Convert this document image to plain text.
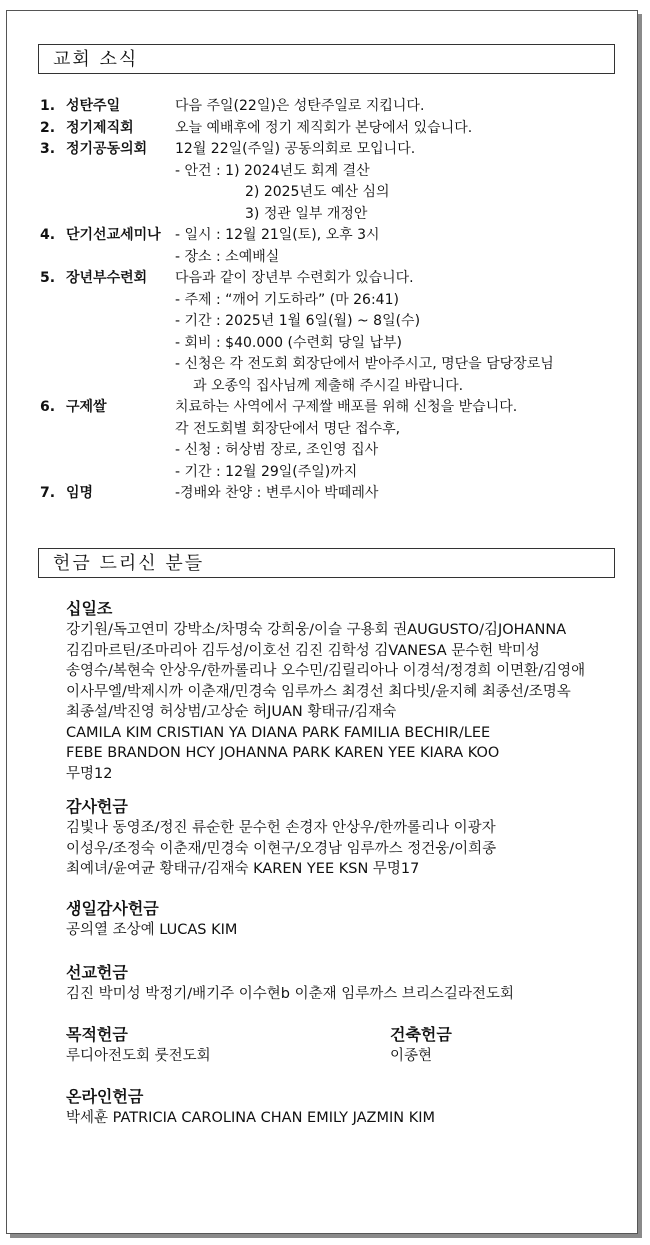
교회 소식
1. 성탄주일	다음 주일(22일)은 성탄주일로 지킵니다.
2. 정기제직회	오늘 예배후에 정기 제직회가 본당에서 있습니다.
3. 정기공동의회 12월 22일(주일) 공동의회로 모입니다.
- 안건 : 1) 2024년도 회계 결산
2) 2025년도 예산 심의
3) 정관 일부 개정안
4. 단기선교세미나 - 일시 : 12월 21일(토), 오후 3시
- 장소 : 소예배실
5. 장년부수련회 다음과 같이 장년부 수련회가 있습니다.
- 주제 : “깨어 기도하라” (마 26:41)
- 기간 : 2025년 1월 6일(월) ~ 8일(수)
- 회비 : $40.000 (수련회 당일 납부)
- 신청은 각 전도회 회장단에서 받아주시고, 명단을 담당장로님
과 오종익 집사님께 제출해 주시길 바랍니다.
6. 구제쌀	치료하는 사역에서 구제쌀 배포를 위해 신청을 받습니다.
각 전도회별 회장단에서 명단 접수후,
- 신청 : 허상범 장로, 조인영 집사
- 기간 : 12월 29일(주일)까지
7. 임명	-경배와 찬양 : 변루시아 박떼레사
헌금 드리신 분들
십일조
강기원/독고연미 강박소/차명숙 강희웅/이슬 구용회 권AUGUSTO/김JOHANNA
김김마르틴/조마리아 김두성/이호선 김진 김학성 김VANESA 문수헌 박미성
송영수/복현숙 안상우/한까롤리나 오수민/김릴리아나 이경석/정경희 이면환/김영애
이사무엘/박제시까 이춘재/민경숙 임루까스 최경선 최다빗/윤지혜 최종선/조명옥
최종설/박진영 허상범/고상순 허JUAN 황태규/김재숙
CAMILA KIM CRISTIAN YA DIANA PARK FAMILIA BECHIR/LEE
FEBE BRANDON HCY JOHANNA PARK KAREN YEE KIARA KOO
무명12
감사헌금
김빛나 동영조/정진 류순한 문수헌 손경자 안상우/한까롤리나 이광자
이성우/조정숙 이춘재/민경숙 이현구/오경남 임루까스 정건웅/이희종
최예녀/윤여균 황태규/김재숙 KAREN YEE KSN 무명17
생일감사헌금
공의열 조상예 LUCAS KIM
선교헌금
김진 박미성 박정기/배기주 이수현b 이춘재 임루까스 브리스길라전도회
목적헌금
루디아전도회 룻전도회
건축헌금
이종현
온라인헌금
박세훈 PATRICIA CAROLINA CHAN EMILY JAZMIN KIM
